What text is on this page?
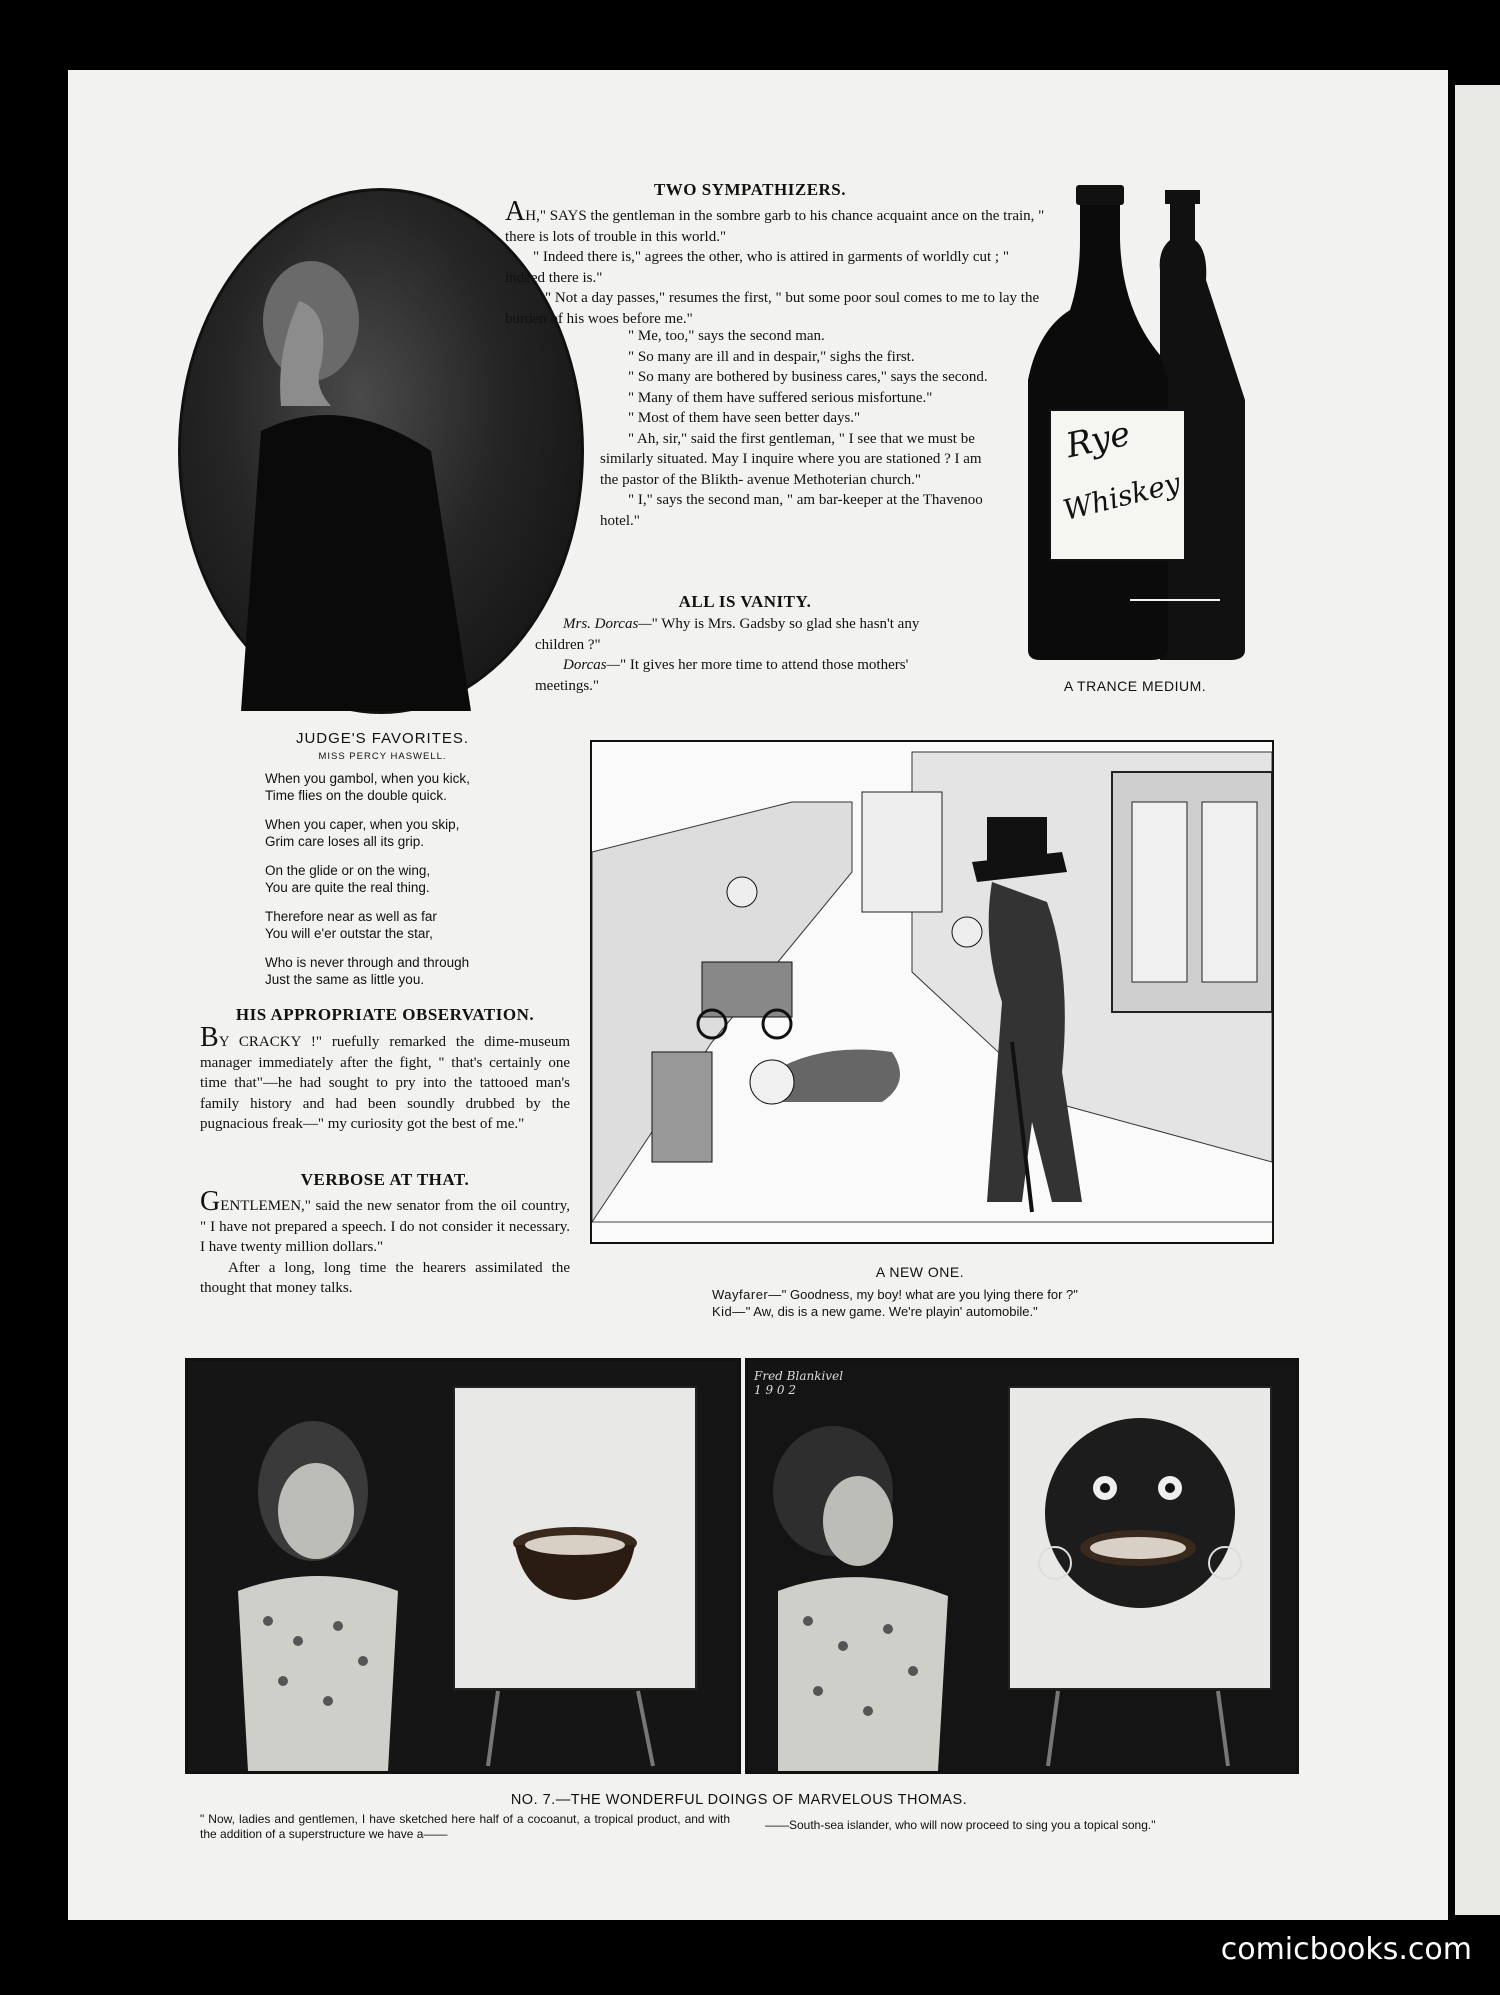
JUDGE'S FAVORITES.
MISS PERCY HASWELL.
When you gambol, when you kick,
Time flies on the double quick.
When you caper, when you skip,
Grim care loses all its grip.
On the glide or on the wing,
You are quite the real thing.
Therefore near as well as far
You will e'er outstar the star,
Who is never through and through
Just the same as little you.
TWO SYMPATHIZERS.

AH," SAYS the gentleman in the sombre garb to his chance acquaint ance on the train, " there is lots of trouble in this world."

" Indeed there is," agrees the other, who is attired in garments of worldly cut ; " indeed there is."

" Not a day passes," resumes the first, " but some poor soul comes to me to lay the burden of his woes before me."

" Me, too," says the second man.

" So many are ill and in despair," sighs the first.

" So many are bothered by business cares," says the second.

" Many of them have suffered serious misfortune."

" Most of them have seen better days."

" Ah, sir," said the first gentleman, " I see that we must be similarly situated. May I inquire where you are stationed ? I am the pastor of the Blikth- avenue Methoterian church."

" I," says the second man, " am bar-keeper at the Thavenoo hotel."

ALL IS VANITY.

Mrs. Dorcas—" Why is Mrs. Gadsby so glad she hasn't any children ?"

Dorcas—" It gives her more time to attend those mothers' meetings."

Rye
Whiskey
A TRANCE MEDIUM.
A NEW ONE.
Wayfarer—" Goodness, my boy! what are you lying there for ?"
Kid—" Aw, dis is a new game. We're playin' automobile."
HIS APPROPRIATE OBSERVATION.

BY CRACKY !" ruefully remarked the dime-museum manager immediately after the fight, " that's certainly one time that"—he had sought to pry into the tattooed man's family history and had been soundly drubbed by the pugnacious freak—" my curiosity got the best of me."

VERBOSE AT THAT.

GENTLEMEN," said the new senator from the oil country, " I have not prepared a speech. I do not consider it necessary. I have twenty million dollars."

After a long, long time the hearers assimilated the thought that money talks.

Fred Blankivel
1 9 0 2
NO. 7.—THE WONDERFUL DOINGS OF MARVELOUS THOMAS.
" Now, ladies and gentlemen, I have sketched here half of a cocoanut, a tropical product, and with the addition of a superstructure we have a——
——South-sea islander, who will now proceed to sing you a topical song."
comicbooks.com
